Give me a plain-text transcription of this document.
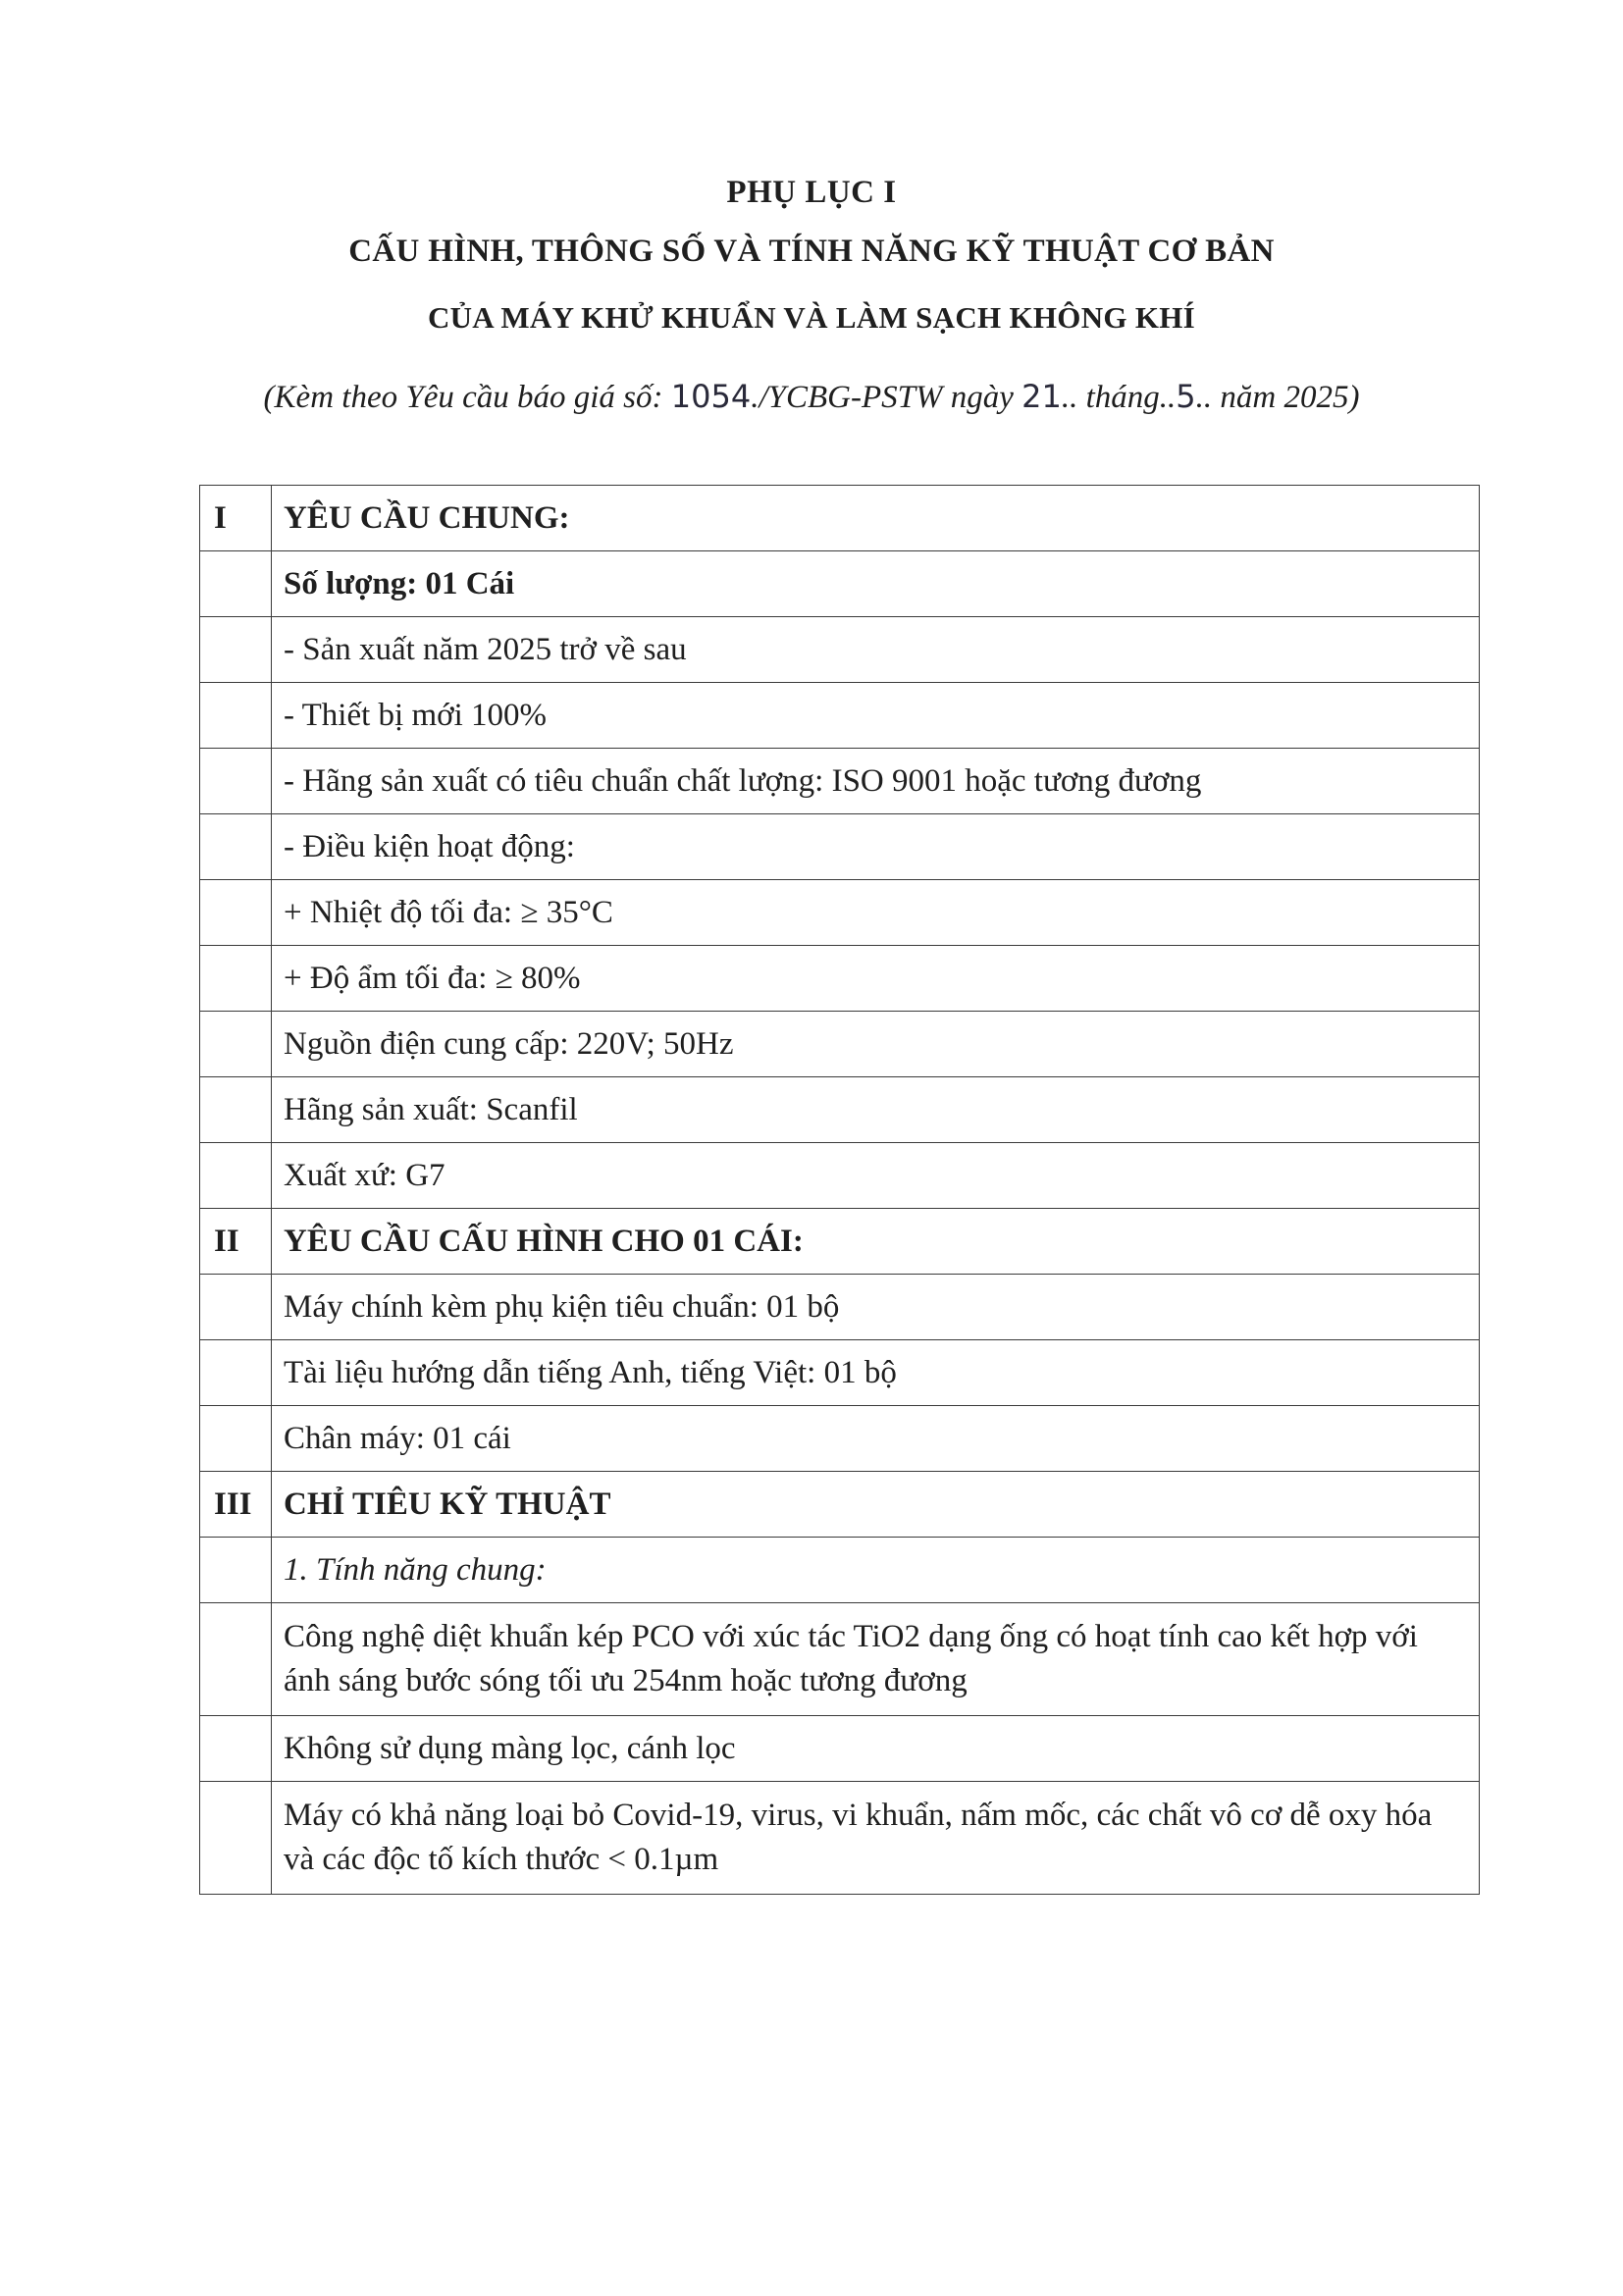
PHỤ LỤC I
CẤU HÌNH, THÔNG SỐ VÀ TÍNH NĂNG KỸ THUẬT CƠ BẢN
CỦA MÁY KHỬ KHUẨN VÀ LÀM SẠCH KHÔNG KHÍ
(Kèm theo Yêu cầu báo giá số: 1054./YCBG-PSTW ngày 21.. tháng..5.. năm 2025)
I	YÊU CẦU CHUNG:
	Số lượng: 01 Cái
	- Sản xuất năm 2025 trở về sau
	- Thiết bị mới 100%
	- Hãng sản xuất có tiêu chuẩn chất lượng: ISO 9001 hoặc tương đương
	- Điều kiện hoạt động:
	+ Nhiệt độ tối đa: ≥ 35°C
	+ Độ ẩm tối đa: ≥ 80%
	Nguồn điện cung cấp: 220V; 50Hz
	Hãng sản xuất: Scanfil
	Xuất xứ: G7
II	YÊU CẦU CẤU HÌNH CHO 01 CÁI:
	Máy chính kèm phụ kiện tiêu chuẩn: 01 bộ
	Tài liệu hướng dẫn tiếng Anh, tiếng Việt: 01 bộ
	Chân máy: 01 cái
III	CHỈ TIÊU KỸ THUẬT
	1. Tính năng chung:
	Công nghệ diệt khuẩn kép PCO với xúc tác TiO2 dạng ống có hoạt tính cao kết hợp với ánh sáng bước sóng tối ưu 254nm hoặc tương đương
	Không sử dụng màng lọc, cánh lọc
	Máy có khả năng loại bỏ Covid-19, virus, vi khuẩn, nấm mốc, các chất vô cơ dễ oxy hóa và các độc tố kích thước < 0.1µm
